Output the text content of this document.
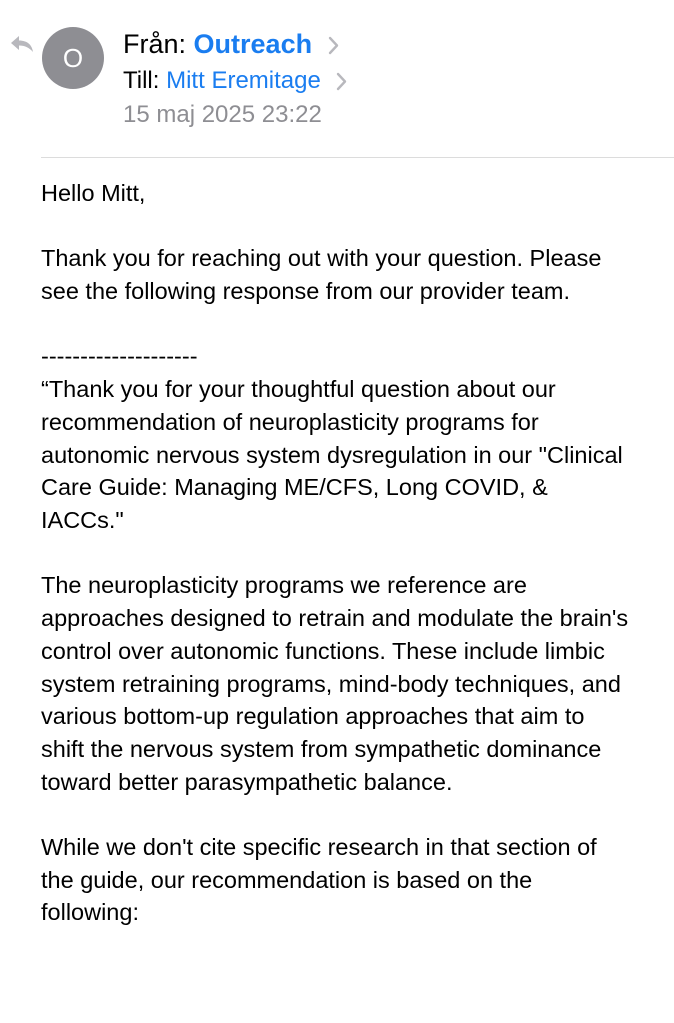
O	Från: Outreach
Till: Mitt Eremitage
15 maj 2025 23:22

Hello Mitt,

Thank you for reaching out with your question. Please see the following response from our provider team.

--------------------

“Thank you for your thoughtful question about our recommendation of neuroplasticity programs for autonomic nervous system dysregulation in our "Clinical Care Guide: Managing ME/CFS, Long COVID, & IACCs."

The neuroplasticity programs we reference are approaches designed to retrain and modulate the brain's control over autonomic functions. These include limbic system retraining programs, mind-body techniques, and various bottom-up regulation approaches that aim to shift the nervous system from sympathetic dominance toward better parasympathetic balance.

While we don't cite specific research in that section of the guide, our recommendation is based on the following:
